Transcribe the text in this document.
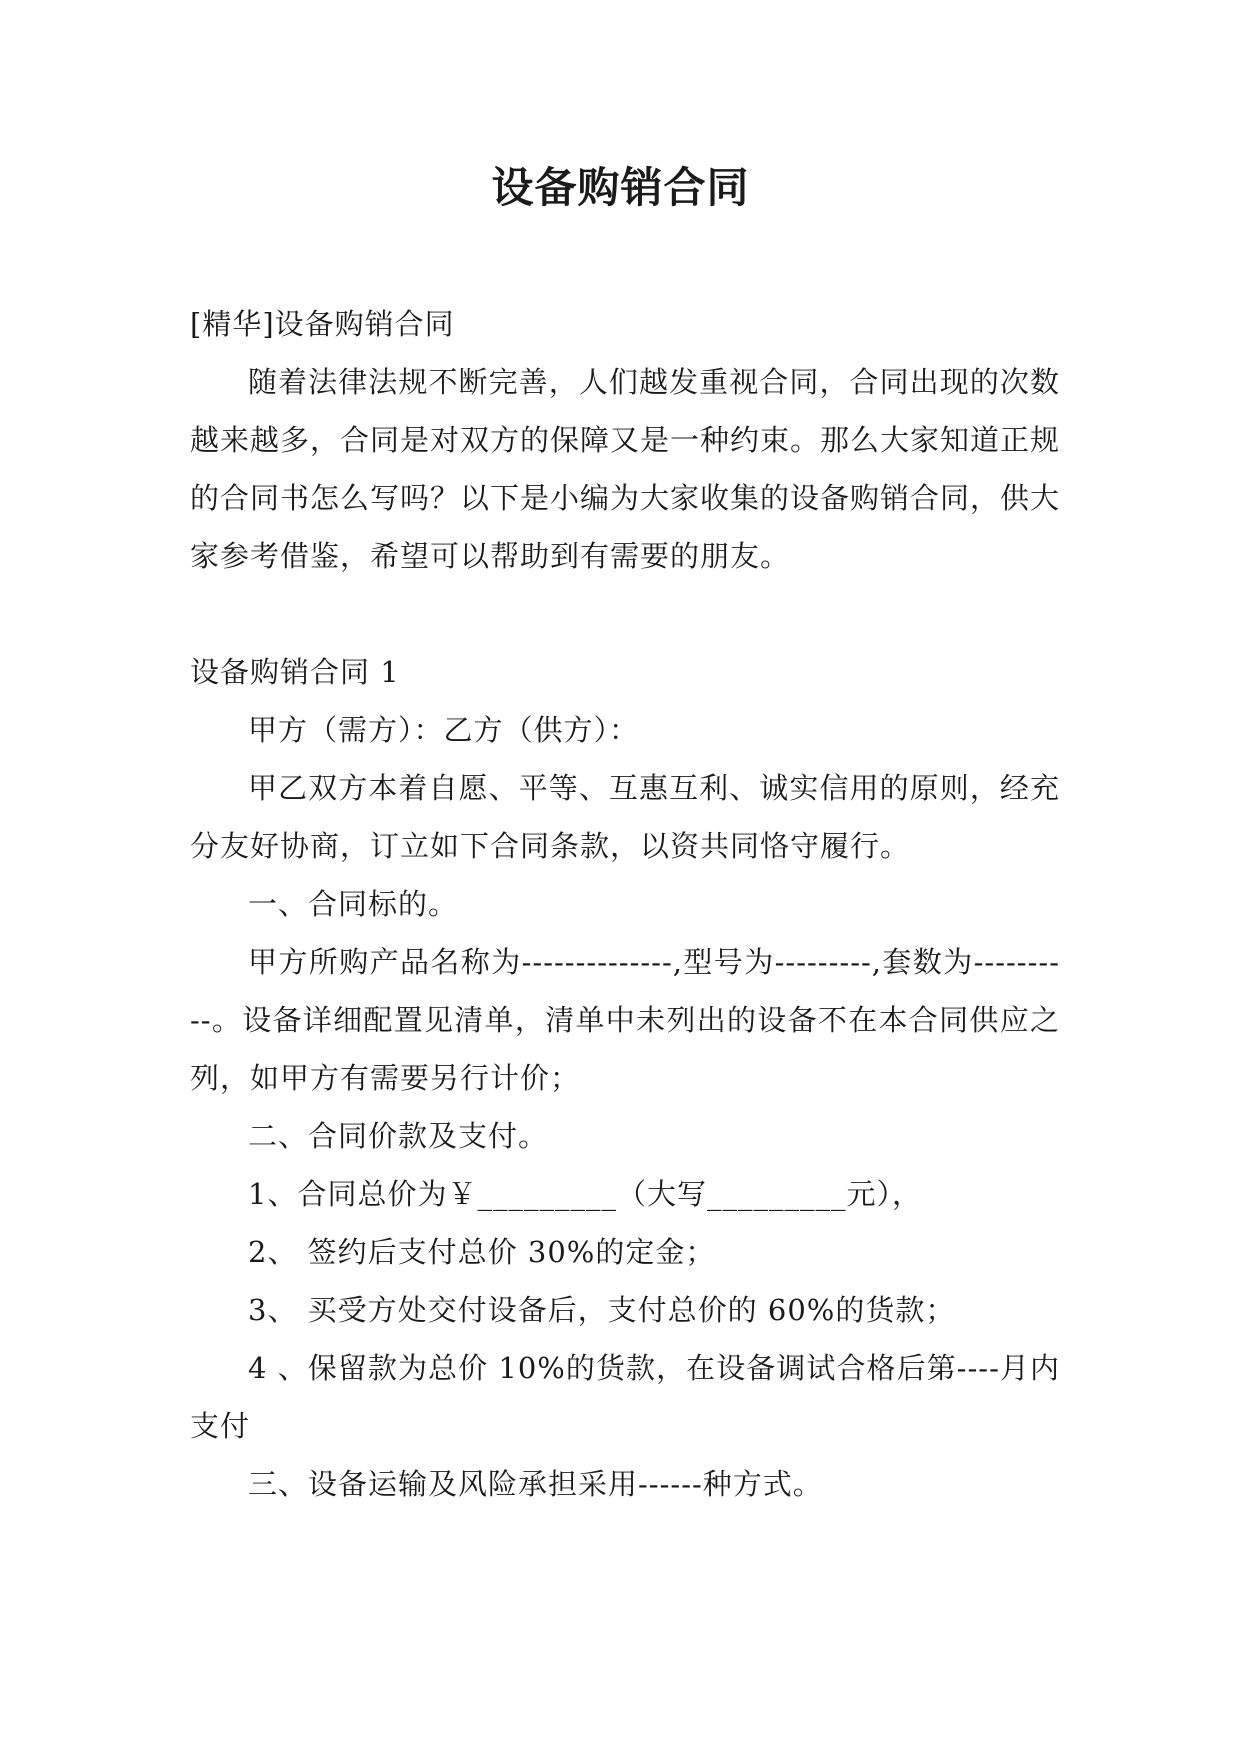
设备购销合同

[精华]设备购销合同

随着法律法规不断完善，人们越发重视合同，合同出现的次数越来越多，合同是对双方的保障又是一种约束。那么大家知道正规的合同书怎么写吗？以下是小编为大家收集的设备购销合同，供大家参考借鉴，希望可以帮助到有需要的朋友。

设备购销合同 1

甲方（需方）：乙方（供方）：

甲乙双方本着自愿、平等、互惠互利、诚实信用的原则，经充分友好协商，订立如下合同条款，以资共同恪守履行。

一、合同标的。

甲方所购产品名称为--------------,型号为---------,套数为----------。设备详细配置见清单，清单中未列出的设备不在本合同供应之列，如甲方有需要另行计价；

二、合同价款及支付。

1、合同总价为￥_________（大写_________元），

2、 签约后支付总价 30%的定金；

3、 买受方处交付设备后，支付总价的 60%的货款；

4 、保留款为总价 10%的货款，在设备调试合格后第----月内支付

三、设备运输及风险承担采用------种方式。
